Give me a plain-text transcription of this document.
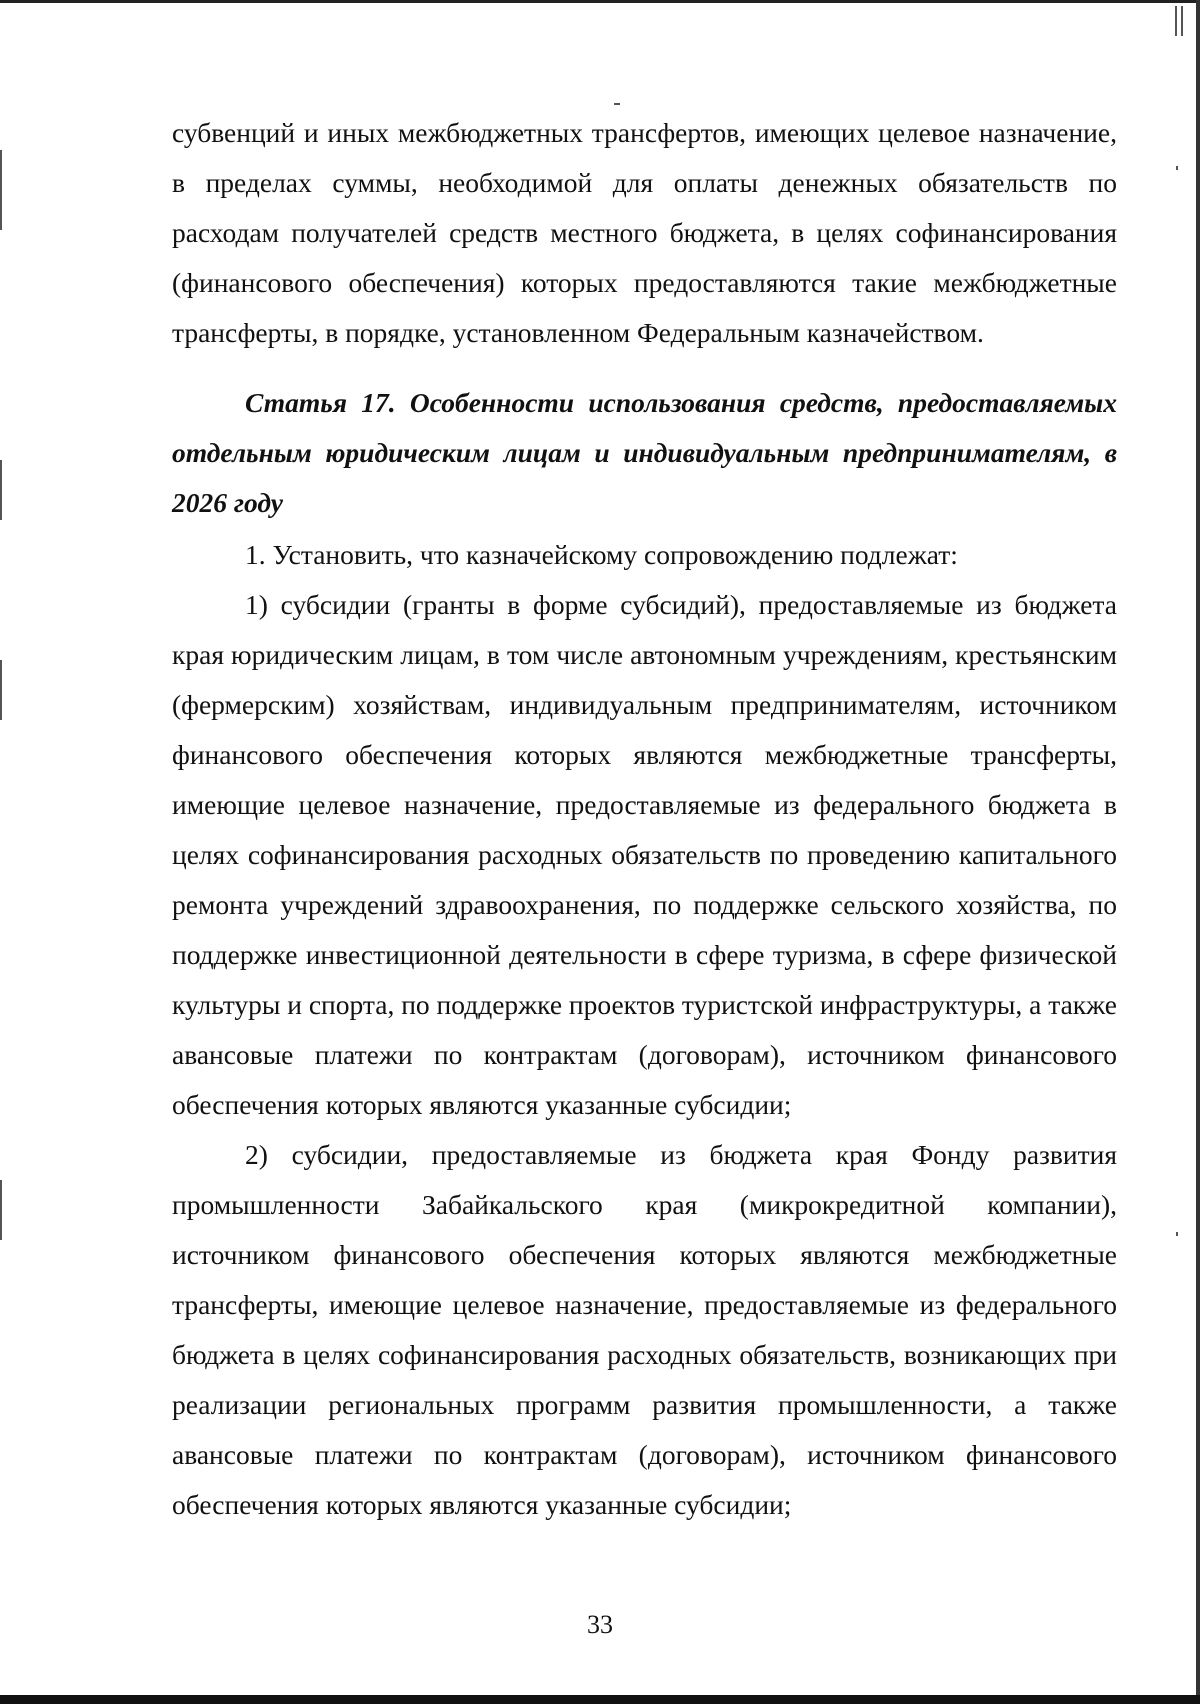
субвенций и иных межбюджетных трансфертов, имеющих целевое назначение, в пределах суммы, необходимой для оплаты денежных обязательств по расходам получателей средств местного бюджета, в целях софинансирования (финансового обеспечения) которых предоставляются такие межбюджетные трансферты, в порядке, установленном Федеральным казначейством.

Статья 17. Особенности использования средств, предоставляемых отдельным юридическим лицам и индивидуальным предпринимателям, в 2026 году

1. Установить, что казначейскому сопровождению подлежат:

1) субсидии (гранты в форме субсидий), предоставляемые из бюджета края юридическим лицам, в том числе автономным учреждениям, крестьянским (фермерским) хозяйствам, индивидуальным предпринимателям, источником финансового обеспечения которых являются межбюджетные трансферты, имеющие целевое назначение, предоставляемые из федерального бюджета в целях софинансирования расходных обязательств по проведению капитального ремонта учреждений здравоохранения, по поддержке сельского хозяйства, по поддержке инвестиционной деятельности в сфере туризма, в сфере физической культуры и спорта, по поддержке проектов туристской инфраструктуры, а также авансовые платежи по контрактам (договорам), источником финансового обеспечения которых являются указанные субсидии;

2) субсидии, предоставляемые из бюджета края Фонду развития промышленности Забайкальского края (микрокредитной компании), источником финансового обеспечения которых являются межбюджетные трансферты, имеющие целевое назначение, предоставляемые из федерального бюджета в целях софинансирования расходных обязательств, возникающих при реализации региональных программ развития промышленности, а также авансовые платежи по контрактам (договорам), источником финансового обеспечения которых являются указанные субсидии;

33
